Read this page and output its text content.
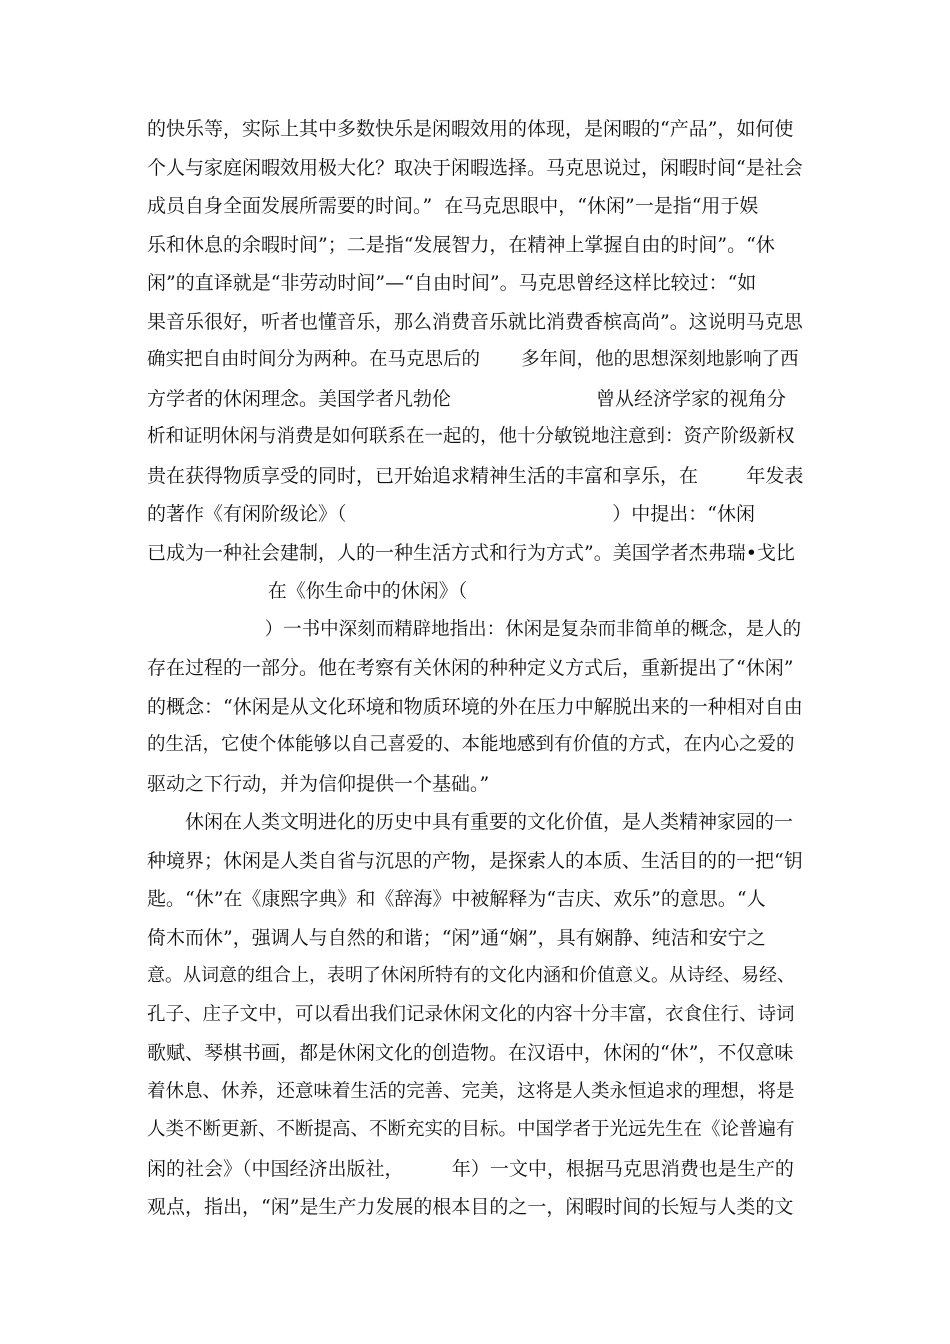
的快乐等，实际上其中多数快乐是闲暇效用的体现，是闲暇的“产品”，如何使
个人与家庭闲暇效用极大化？取决于闲暇选择。马克思说过，闲暇时间“是社会
成员自身全面发展所需要的时间。”  在马克思眼中，“休闲”一是指“用于娱
乐和休息的余暇时间”；二是指“发展智力，在精神上掌握自由的时间”。“休
闲”的直译就是“非劳动时间”—“自由时间”。马克思曾经这样比较过：“如
果音乐很好，听者也懂音乐，那么消费音乐就比消费香槟高尚”。这说明马克思
确实把自由时间分为两种。在马克思后的       多年间，他的思想深刻地影响了西
方学者的休闲理念。美国学者凡勃伦                        曾从经济学家的视角分
析和证明休闲与消费是如何联系在一起的，他十分敏锐地注意到：资产阶级新权
贵在获得物质享受的同时，已开始追求精神生活的丰富和享乐，在        年发表
的著作《有闲阶级论》（                                            ）中提出：“休闲
已成为一种社会建制，人的一种生活方式和行为方式”。美国学者杰弗瑞•戈比
在《你生命中的休闲》（
）一书中深刻而精辟地指出：休闲是复杂而非简单的概念，是人的
存在过程的一部分。他在考察有关休闲的种种定义方式后，重新提出了“休闲”
的概念：“休闲是从文化环境和物质环境的外在压力中解脱出来的一种相对自由
的生活，它使个体能够以自己喜爱的、本能地感到有价值的方式，在内心之爱的
驱动之下行动，并为信仰提供一个基础。”
休闲在人类文明进化的历史中具有重要的文化价值，是人类精神家园的一
种境界；休闲是人类自省与沉思的产物，是探索人的本质、生活目的的一把“钥
匙。“休”在《康熙字典》和《辞海》中被解释为“吉庆、欢乐”的意思。“人
倚木而休”，强调人与自然的和谐；“闲”通“娴”，具有娴静、纯洁和安宁之
意。从词意的组合上，表明了休闲所特有的文化内涵和价值意义。从诗经、易经、
孔子、庄子文中，可以看出我们记录休闲文化的内容十分丰富，衣食住行、诗词
歌赋、琴棋书画，都是休闲文化的创造物。在汉语中，休闲的“休”，不仅意味
着休息、休养，还意味着生活的完善、完美，这将是人类永恒追求的理想，将是
人类不断更新、不断提高、不断充实的目标。中国学者于光远先生在《论普遍有
闲的社会》（中国经济出版社，        年）一文中，根据马克思消费也是生产的
观点，指出，“闲”是生产力发展的根本目的之一，闲暇时间的长短与人类的文
